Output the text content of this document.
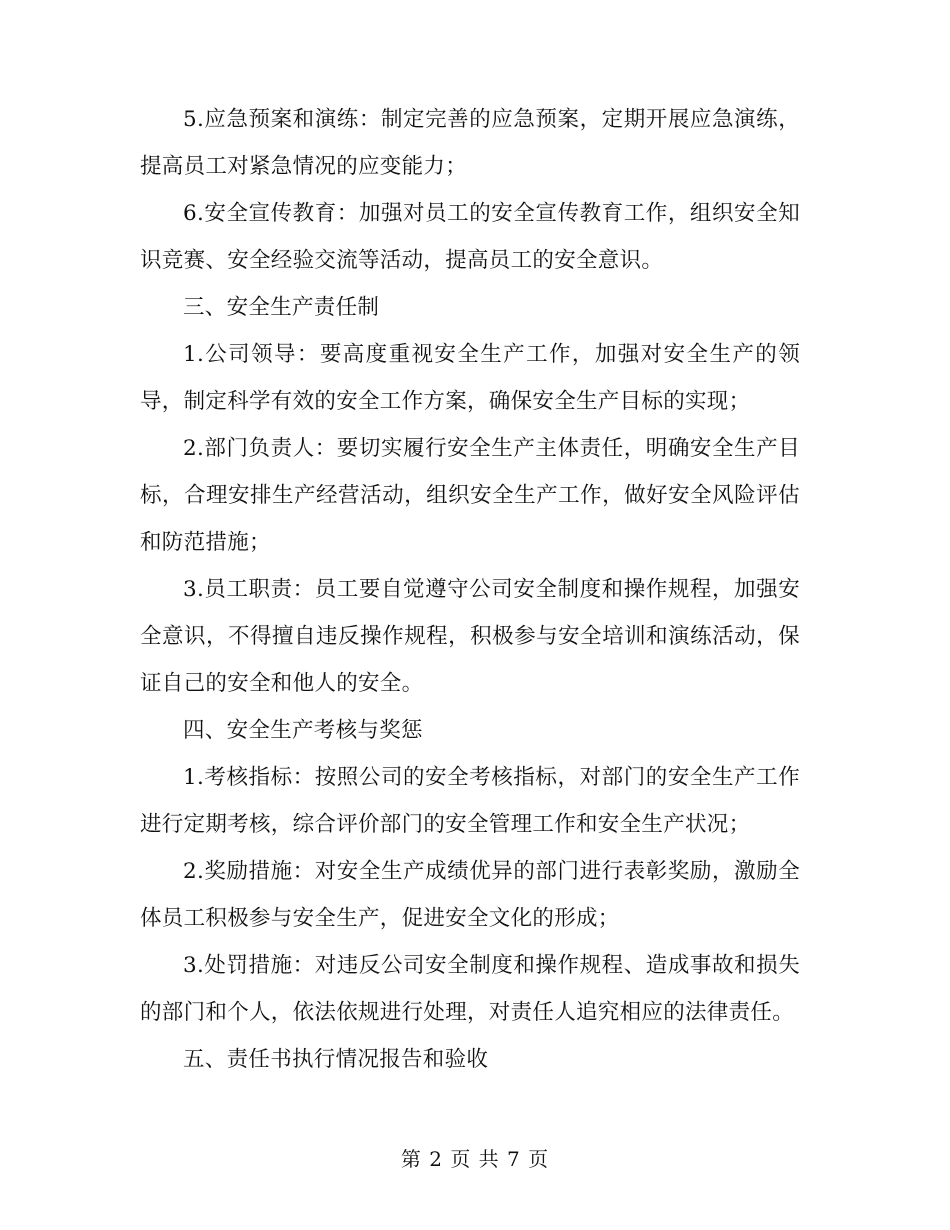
5.应急预案和演练：制定完善的应急预案，定期开展应急演练，提高员工对紧急情况的应变能力；

6.安全宣传教育：加强对员工的安全宣传教育工作，组织安全知识竞赛、安全经验交流等活动，提高员工的安全意识。

三、安全生产责任制

1.公司领导：要高度重视安全生产工作，加强对安全生产的领导，制定科学有效的安全工作方案，确保安全生产目标的实现；

2.部门负责人：要切实履行安全生产主体责任，明确安全生产目标，合理安排生产经营活动，组织安全生产工作，做好安全风险评估和防范措施；

3.员工职责：员工要自觉遵守公司安全制度和操作规程，加强安全意识，不得擅自违反操作规程，积极参与安全培训和演练活动，保证自己的安全和他人的安全。

四、安全生产考核与奖惩

1.考核指标：按照公司的安全考核指标，对部门的安全生产工作进行定期考核，综合评价部门的安全管理工作和安全生产状况；

2.奖励措施：对安全生产成绩优异的部门进行表彰奖励，激励全体员工积极参与安全生产，促进安全文化的形成；

3.处罚措施：对违反公司安全制度和操作规程、造成事故和损失的部门和个人，依法依规进行处理，对责任人追究相应的法律责任。

五、责任书执行情况报告和验收

第 2 页 共 7 页
